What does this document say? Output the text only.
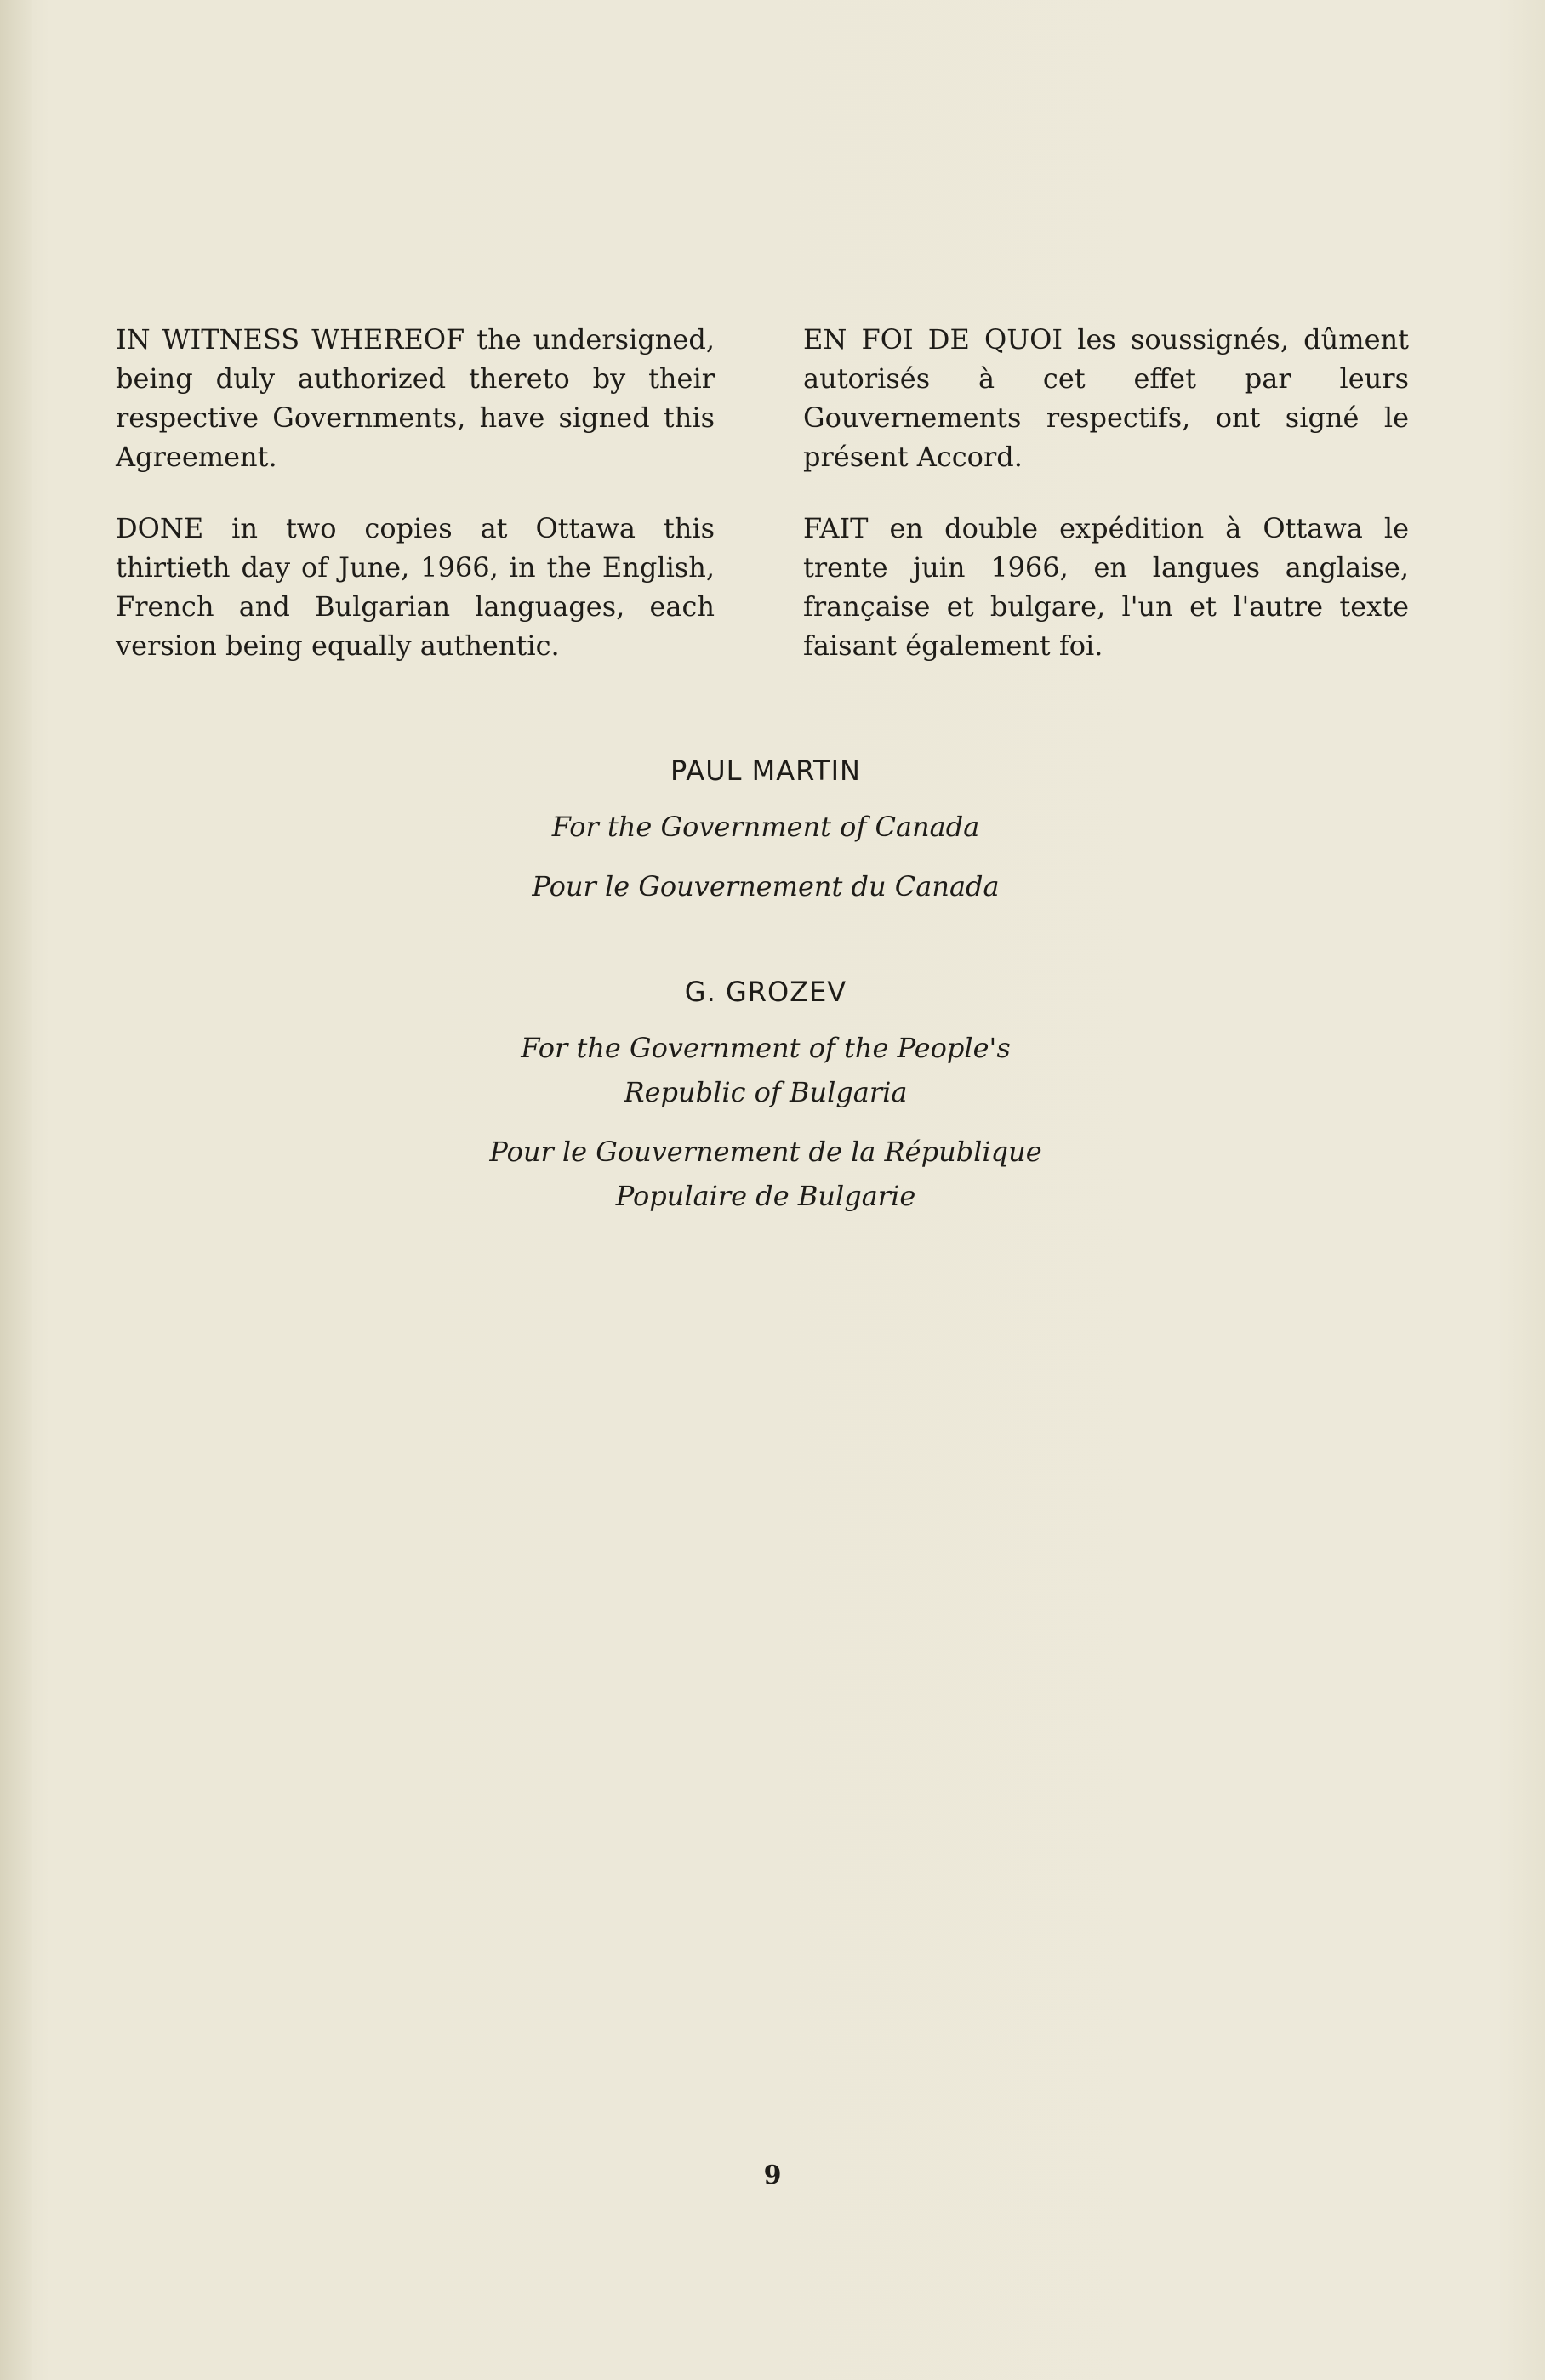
IN WITNESS WHEREOF the undersigned, being duly authorized thereto by their respective Governments, have signed this Agreement.

DONE in two copies at Ottawa this thirtieth day of June, 1966, in the English, French and Bulgarian languages, each version being equally authentic.

EN FOI DE QUOI les soussignés, dûment autorisés à cet effet par leurs Gouvernements respectifs, ont signé le présent Accord.

FAIT en double expédition à Ottawa le trente juin 1966, en langues anglaise, française et bulgare, l'un et l'autre texte faisant également foi.

PAUL MARTIN

For the Government of Canada

Pour le Gouvernement du Canada

G. GROZEV

For the Government of the People's

Republic of Bulgaria

Pour le Gouvernement de la République

Populaire de Bulgarie

9
